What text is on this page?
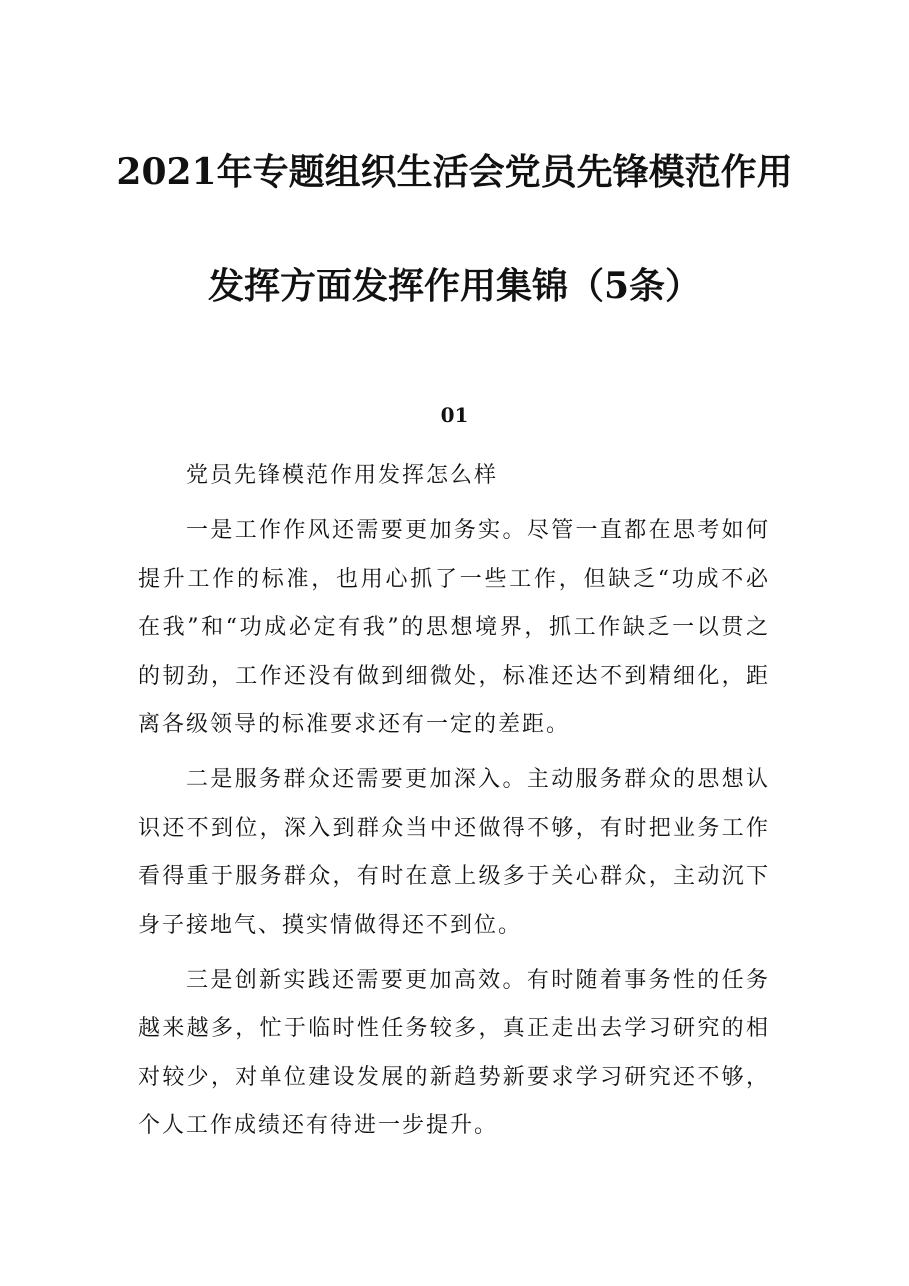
2021年专题组织生活会党员先锋模范作用
发挥方面发挥作用集锦（5条）
01

党员先锋模范作用发挥怎么样

一是工作作风还需要更加务实。尽管一直都在思考如何提升工作的标准，也用心抓了一些工作，但缺乏“功成不必在我”和“功成必定有我”的思想境界，抓工作缺乏一以贯之的韧劲，工作还没有做到细微处，标准还达不到精细化，距离各级领导的标准要求还有一定的差距。

二是服务群众还需要更加深入。主动服务群众的思想认识还不到位，深入到群众当中还做得不够，有时把业务工作看得重于服务群众，有时在意上级多于关心群众，主动沉下身子接地气、摸实情做得还不到位。

三是创新实践还需要更加高效。有时随着事务性的任务越来越多，忙于临时性任务较多，真正走出去学习研究的相对较少，对单位建设发展的新趋势新要求学习研究还不够，个人工作成绩还有待进一步提升。
